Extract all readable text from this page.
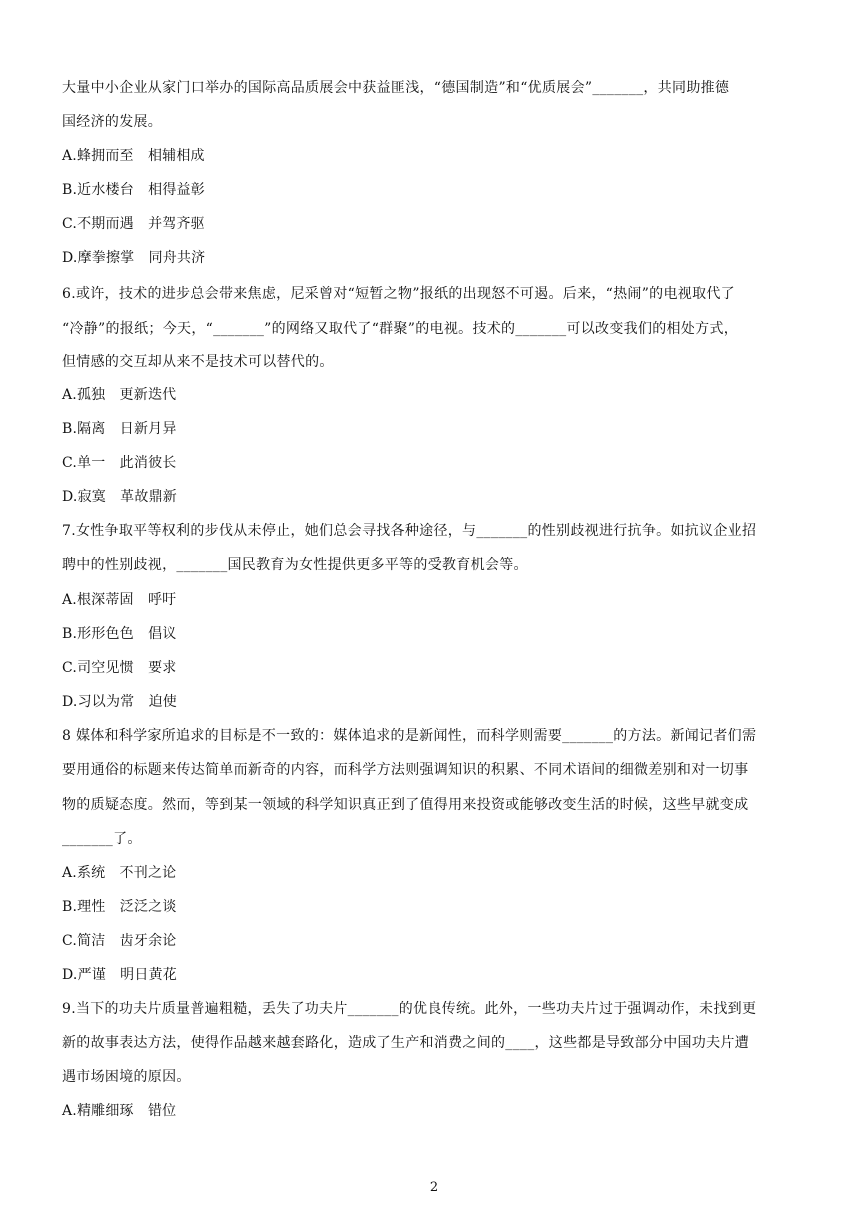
大量中小企业从家门口举办的国际高品质展会中获益匪浅，“德国制造”和“优质展会”_______，共同助推德
国经济的发展。
A.蜂拥而至　相辅相成
B.近水楼台　相得益彰
C.不期而遇　并驾齐驱
D.摩拳擦掌　同舟共济
6.或许，技术的进步总会带来焦虑，尼采曾对“短暂之物”报纸的出现怒不可遏。后来，“热闹”的电视取代了
“冷静”的报纸；今天，“_______”的网络又取代了“群聚”的电视。技术的_______可以改变我们的相处方式，
但情感的交互却从来不是技术可以替代的。
A.孤独　更新迭代
B.隔离　日新月异
C.单一　此消彼长
D.寂寞　革故鼎新
7.女性争取平等权利的步伐从未停止，她们总会寻找各种途径，与_______的性别歧视进行抗争。如抗议企业招
聘中的性别歧视，_______国民教育为女性提供更多平等的受教育机会等。
A.根深蒂固　呼吁
B.形形色色　倡议
C.司空见惯　要求
D.习以为常　迫使
8 媒体和科学家所追求的目标是不一致的：媒体追求的是新闻性，而科学则需要_______的方法。新闻记者们需
要用通俗的标题来传达简单而新奇的内容，而科学方法则强调知识的积累、不同术语间的细微差别和对一切事
物的质疑态度。然而，等到某一领域的科学知识真正到了值得用来投资或能够改变生活的时候，这些早就变成
_______了。
A.系统　不刊之论
B.理性　泛泛之谈
C.简洁　齿牙余论
D.严谨　明日黄花
9.当下的功夫片质量普遍粗糙，丢失了功夫片_______的优良传统。此外，一些功夫片过于强调动作，未找到更
新的故事表达方法，使得作品越来越套路化，造成了生产和消费之间的____，这些都是导致部分中国功夫片遭
遇市场困境的原因。
A.精雕细琢　错位
2
